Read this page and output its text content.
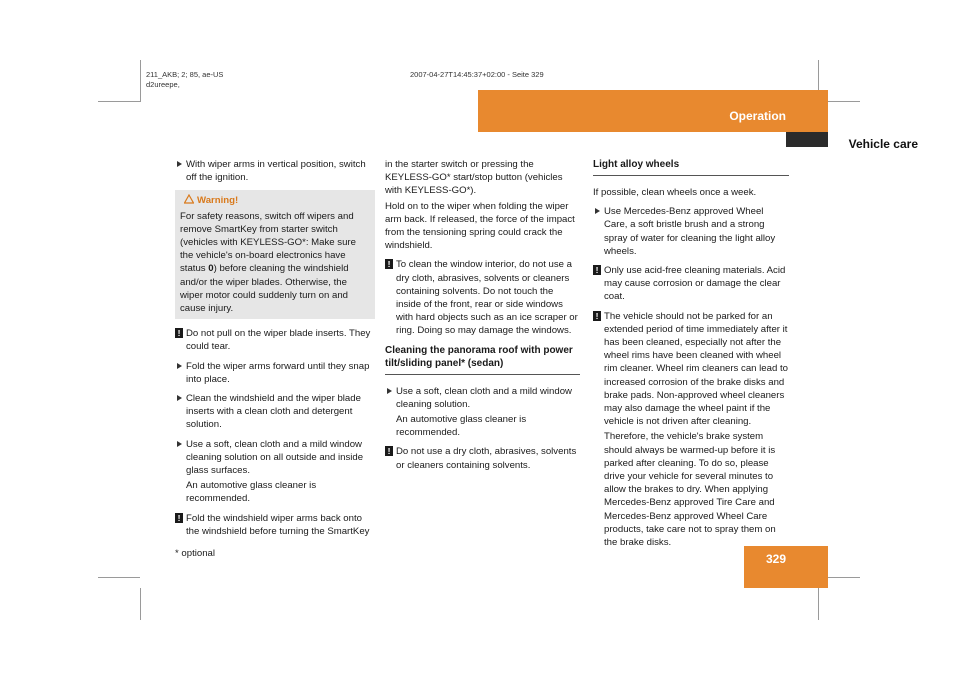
211_AKB; 2; 85, ae-US
d2ureepe,
2007-04-27T14:45:37+02:00 - Seite 329
Operation
Vehicle care
With wiper arms in vertical position, switch off the ignition.
Warning!
For safety reasons, switch off wipers and remove SmartKey from starter switch (vehicles with KEYLESS-GO*: Make sure the vehicle's on-board electronics have status 0) before cleaning the windshield and/or the wiper blades. Otherwise, the wiper motor could suddenly turn on and cause injury.
! Do not pull on the wiper blade inserts. They could tear.
Fold the wiper arms forward until they snap into place.
Clean the windshield and the wiper blade inserts with a clean cloth and detergent solution.
Use a soft, clean cloth and a mild window cleaning solution on all outside and inside glass surfaces.
An automotive glass cleaner is recommended.
! Fold the windshield wiper arms back onto the windshield before turning the SmartKey
in the starter switch or pressing the KEYLESS-GO* start/stop button (vehicles with KEYLESS-GO*).
Hold on to the wiper when folding the wiper arm back. If released, the force of the impact from the tensioning spring could crack the windshield.
! To clean the window interior, do not use a dry cloth, abrasives, solvents or cleaners containing solvents. Do not touch the inside of the front, rear or side windows with hard objects such as an ice scraper or ring. Doing so may damage the windows.
Cleaning the panorama roof with power tilt/sliding panel* (sedan)
Use a soft, clean cloth and a mild window cleaning solution.
An automotive glass cleaner is recommended.
! Do not use a dry cloth, abrasives, solvents or cleaners containing solvents.
Light alloy wheels
If possible, clean wheels once a week.
Use Mercedes-Benz approved Wheel Care, a soft bristle brush and a strong spray of water for cleaning the light alloy wheels.
! Only use acid-free cleaning materials. Acid may cause corrosion or damage the clear coat.
! The vehicle should not be parked for an extended period of time immediately after it has been cleaned, especially not after the wheel rims have been cleaned with wheel rim cleaner. Wheel rim cleaners can lead to increased corrosion of the brake disks and brake pads. Non-approved wheel cleaners may also damage the wheel paint if the vehicle is not driven after cleaning.
Therefore, the vehicle's brake system should always be warmed-up before it is parked after cleaning. To do so, please drive your vehicle for several minutes to allow the brakes to dry. When applying Mercedes-Benz approved Tire Care and Mercedes-Benz approved Wheel Care products, take care not to spray them on the brake disks.
* optional	329
